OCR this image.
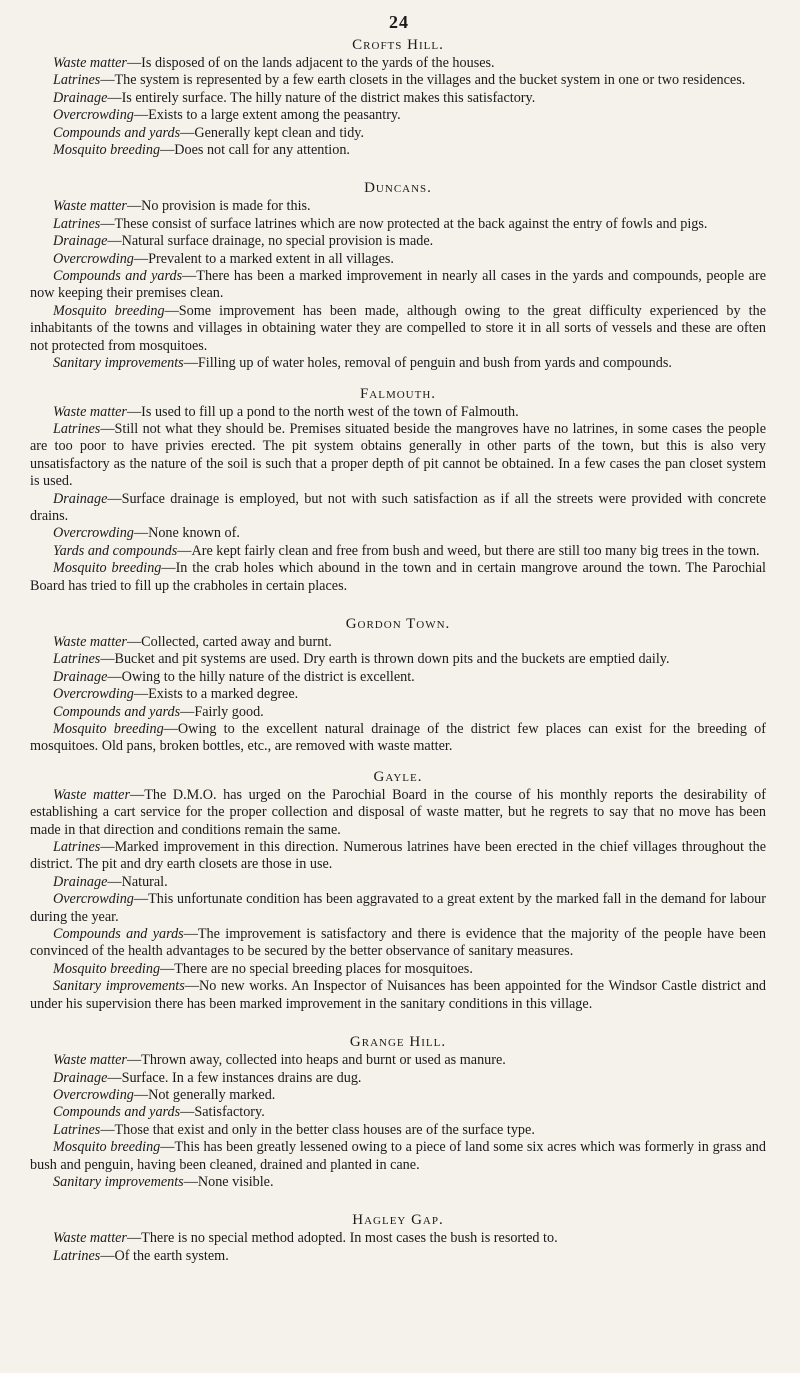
24
Crofts Hill.

Waste matter—Is disposed of on the lands adjacent to the yards of the houses.

Latrines—The system is represented by a few earth closets in the villages and the bucket system in one or two residences.

Drainage—Is entirely surface. The hilly nature of the district makes this satisfactory.

Overcrowding—Exists to a large extent among the peasantry.

Compounds and yards—Generally kept clean and tidy.

Mosquito breeding—Does not call for any attention.

Duncans.

Waste matter—No provision is made for this.

Latrines—These consist of surface latrines which are now protected at the back against the entry of fowls and pigs.

Drainage—Natural surface drainage, no special provision is made.

Overcrowding—Prevalent to a marked extent in all villages.

Compounds and yards—There has been a marked improvement in nearly all cases in the yards and compounds, people are now keeping their premises clean.

Mosquito breeding—Some improvement has been made, although owing to the great difficulty experienced by the inhabitants of the towns and villages in obtaining water they are compelled to store it in all sorts of vessels and these are often not protected from mosquitoes.

Sanitary improvements—Filling up of water holes, removal of penguin and bush from yards and compounds.

Falmouth.

Waste matter—Is used to fill up a pond to the north west of the town of Falmouth.

Latrines—Still not what they should be. Premises situated beside the mangroves have no latrines, in some cases the people are too poor to have privies erected. The pit system obtains generally in other parts of the town, but this is also very unsatisfactory as the nature of the soil is such that a proper depth of pit cannot be obtained. In a few cases the pan closet system is used.

Drainage—Surface drainage is employed, but not with such satisfaction as if all the streets were provided with concrete drains.

Overcrowding—None known of.

Yards and compounds—Are kept fairly clean and free from bush and weed, but there are still too many big trees in the town.

Mosquito breeding—In the crab holes which abound in the town and in certain mangrove around the town. The Parochial Board has tried to fill up the crabholes in certain places.

Gordon Town.

Waste matter—Collected, carted away and burnt.

Latrines—Bucket and pit systems are used. Dry earth is thrown down pits and the buckets are emptied daily.

Drainage—Owing to the hilly nature of the district is excellent.

Overcrowding—Exists to a marked degree.

Compounds and yards—Fairly good.

Mosquito breeding—Owing to the excellent natural drainage of the district few places can exist for the breeding of mosquitoes. Old pans, broken bottles, etc., are removed with waste matter.

Gayle.

Waste matter—The D.M.O. has urged on the Parochial Board in the course of his monthly reports the desirability of establishing a cart service for the proper collection and disposal of waste matter, but he regrets to say that no move has been made in that direction and conditions remain the same.

Latrines—Marked improvement in this direction. Numerous latrines have been erected in the chief villages throughout the district. The pit and dry earth closets are those in use.

Drainage—Natural.

Overcrowding—This unfortunate condition has been aggravated to a great extent by the marked fall in the demand for labour during the year.

Compounds and yards—The improvement is satisfactory and there is evidence that the majority of the people have been convinced of the health advantages to be secured by the better observance of sanitary measures.

Mosquito breeding—There are no special breeding places for mosquitoes.

Sanitary improvements—No new works. An Inspector of Nuisances has been appointed for the Windsor Castle district and under his supervision there has been marked improvement in the sanitary conditions in this village.

Grange Hill.

Waste matter—Thrown away, collected into heaps and burnt or used as manure.

Drainage—Surface. In a few instances drains are dug.

Overcrowding—Not generally marked.

Compounds and yards—Satisfactory.

Latrines—Those that exist and only in the better class houses are of the surface type.

Mosquito breeding—This has been greatly lessened owing to a piece of land some six acres which was formerly in grass and bush and penguin, having been cleaned, drained and planted in cane.

Sanitary improvements—None visible.

Hagley Gap.

Waste matter—There is no special method adopted. In most cases the bush is resorted to.

Latrines—Of the earth system.
